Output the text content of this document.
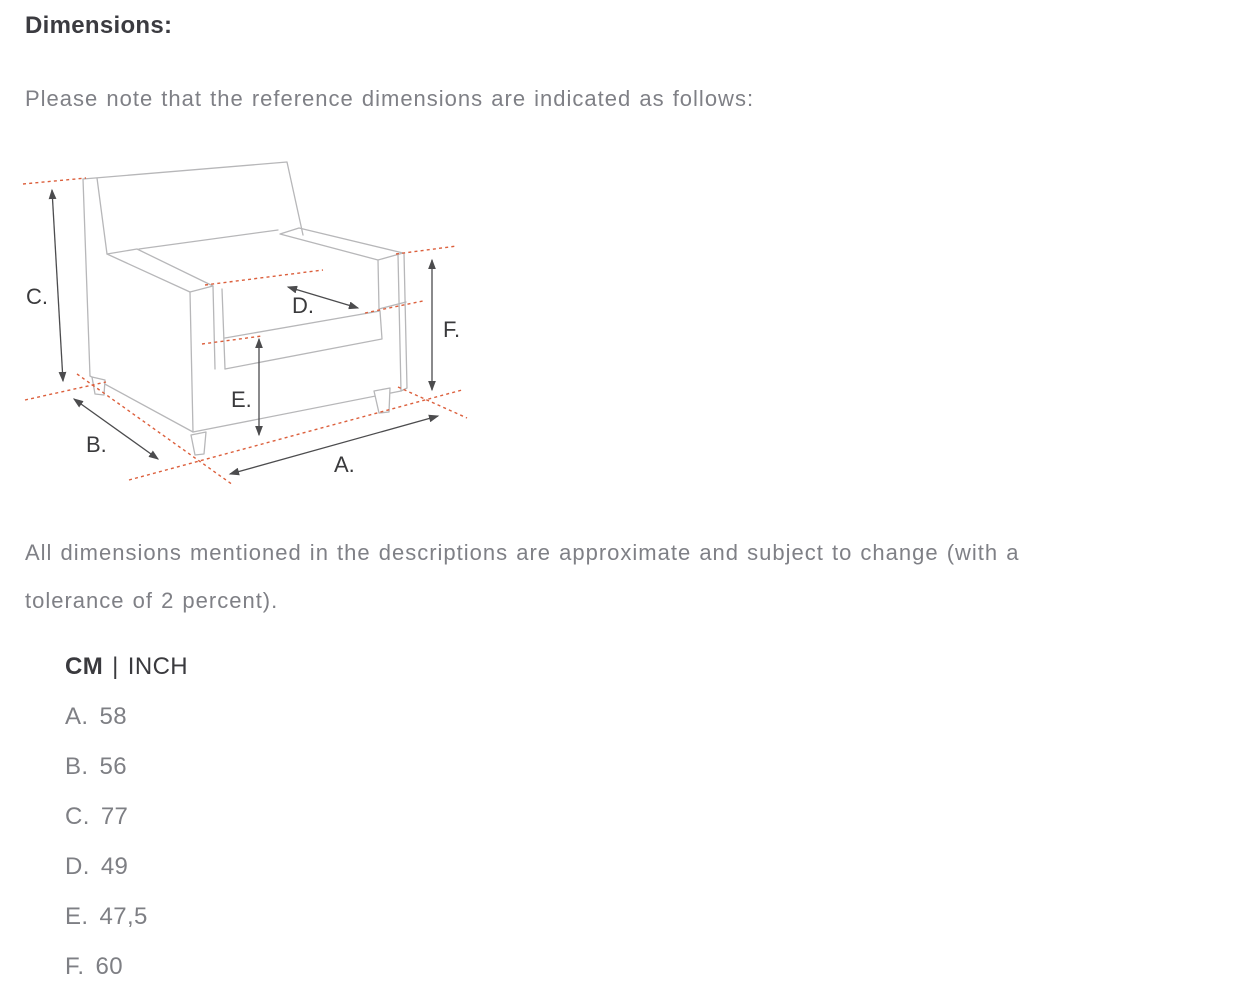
Dimensions:

Please note that the reference dimensions are indicated as follows:

C.
B.
A.
D.
E.
F.

All dimensions mentioned in the descriptions are approximate and subject to change (with a
tolerance of 2 percent).

CM | INCH
A. 58
B. 56
C. 77
D. 49
E. 47,5
F. 60
